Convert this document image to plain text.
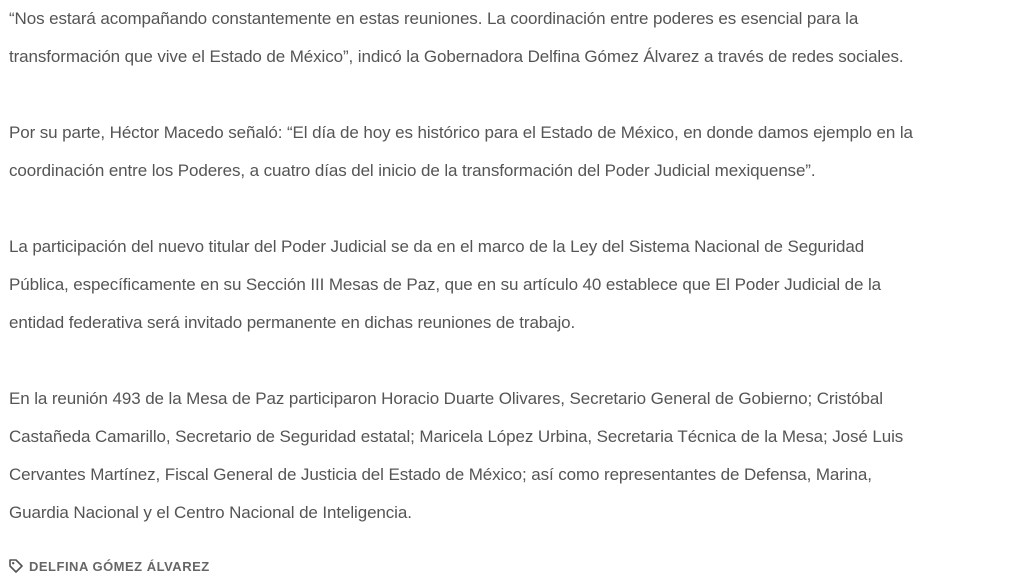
“Nos estará acompañando constantemente en estas reuniones. La coordinación entre poderes es esencial para la
transformación que vive el Estado de México”, indicó la Gobernadora Delfina Gómez Álvarez a través de redes sociales.

Por su parte, Héctor Macedo señaló: “El día de hoy es histórico para el Estado de México, en donde damos ejemplo en la
coordinación entre los Poderes, a cuatro días del inicio de la transformación del Poder Judicial mexiquense”.

La participación del nuevo titular del Poder Judicial se da en el marco de la Ley del Sistema Nacional de Seguridad
Pública, específicamente en su Sección III Mesas de Paz, que en su artículo 40 establece que El Poder Judicial de la
entidad federativa será invitado permanente en dichas reuniones de trabajo.

En la reunión 493 de la Mesa de Paz participaron Horacio Duarte Olivares, Secretario General de Gobierno; Cristóbal
Castañeda Camarillo, Secretario de Seguridad estatal; Maricela López Urbina, Secretaria Técnica de la Mesa; José Luis
Cervantes Martínez, Fiscal General de Justicia del Estado de México; así como representantes de Defensa, Marina,
Guardia Nacional y el Centro Nacional de Inteligencia.

DELFINA GÓMEZ ÁLVAREZ
